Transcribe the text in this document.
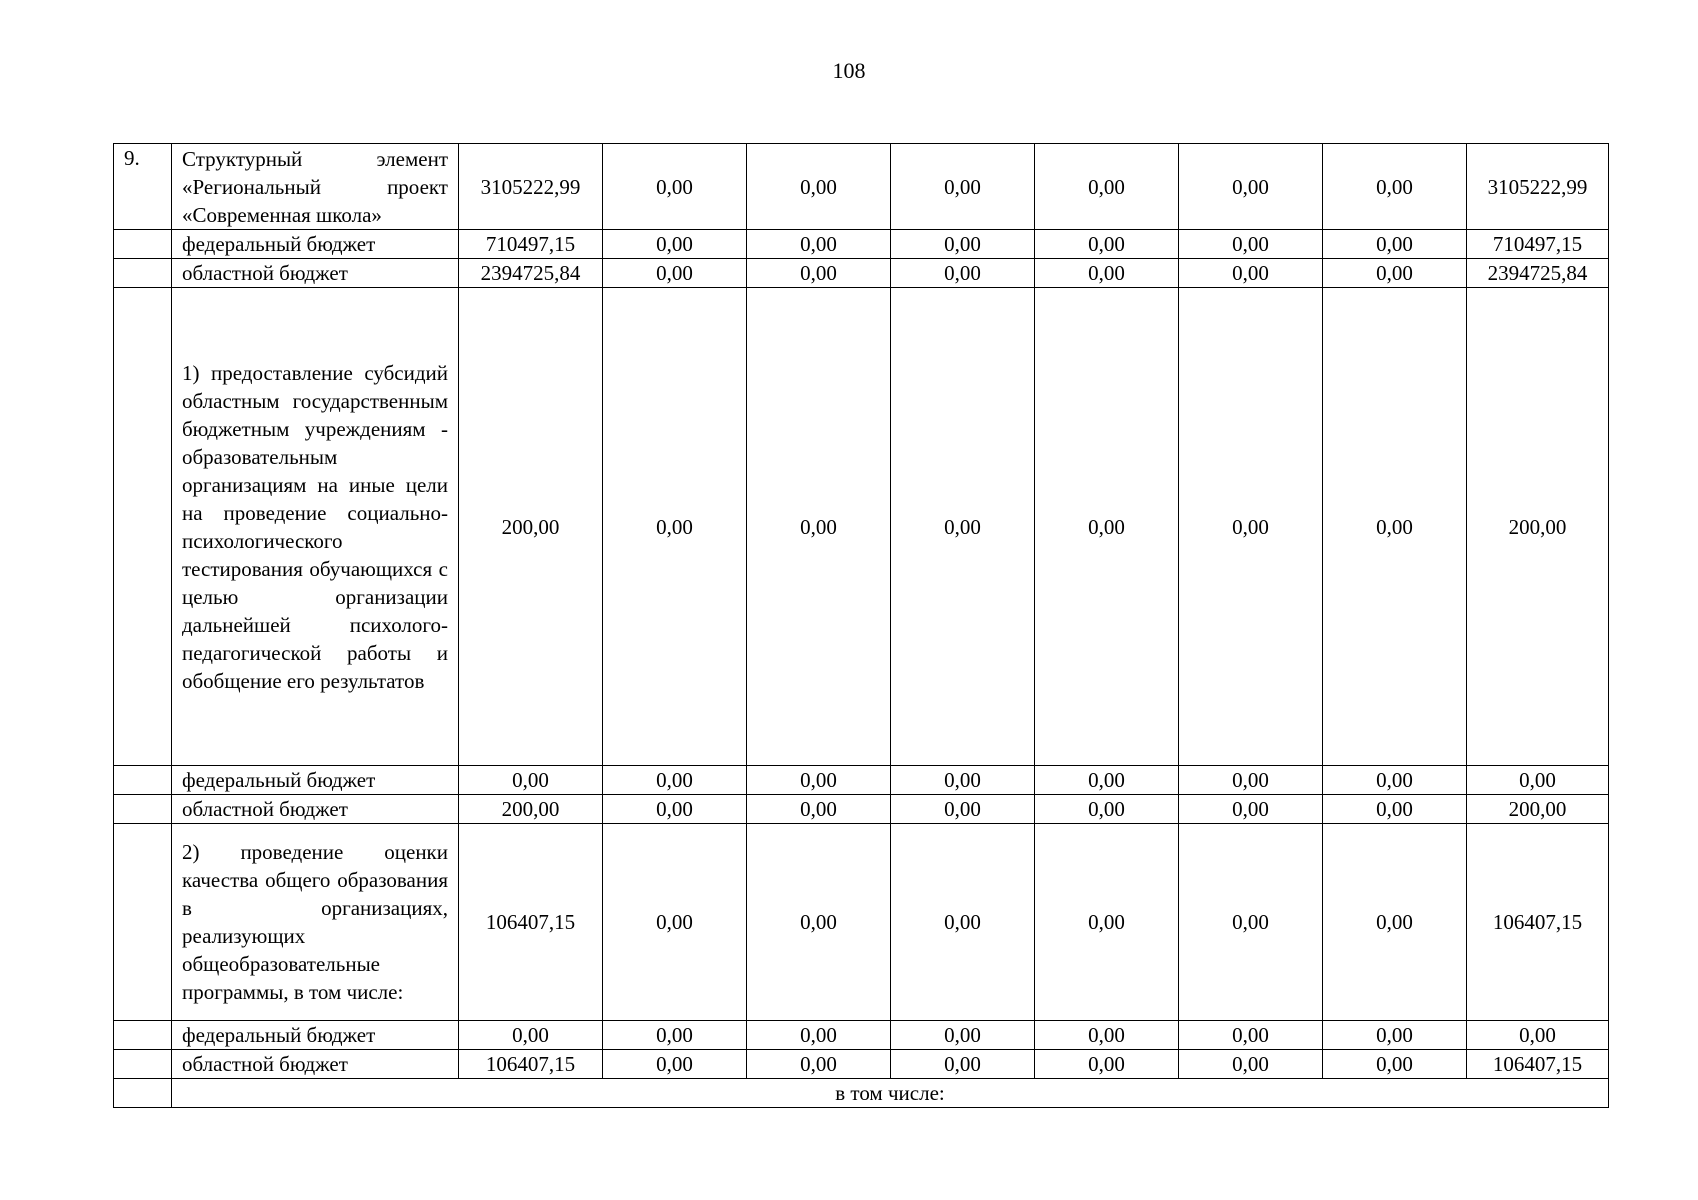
108
9.	Структурный элемент «Региональный проект «Современная школа»	3105222,99	0,00	0,00	0,00	0,00	0,00	0,00	3105222,99
	федеральный бюджет	710497,15	0,00	0,00	0,00	0,00	0,00	0,00	710497,15
	областной бюджет	2394725,84	0,00	0,00	0,00	0,00	0,00	0,00	2394725,84
	1) предоставление субсидий областным государственным бюджетным учреждениям - образовательным организациям на иные цели на проведение социально-психологического тестирования обучающихся с целью организации дальнейшей психолого-педагогической работы и обобщение его результатов	200,00	0,00	0,00	0,00	0,00	0,00	0,00	200,00
	федеральный бюджет	0,00	0,00	0,00	0,00	0,00	0,00	0,00	0,00
	областной бюджет	200,00	0,00	0,00	0,00	0,00	0,00	0,00	200,00
	2) проведение оценки качества общего образования в организациях, реализующих общеобразовательные программы, в том числе:	106407,15	0,00	0,00	0,00	0,00	0,00	0,00	106407,15
	федеральный бюджет	0,00	0,00	0,00	0,00	0,00	0,00	0,00	0,00
	областной бюджет	106407,15	0,00	0,00	0,00	0,00	0,00	0,00	106407,15
	в том числе:								
